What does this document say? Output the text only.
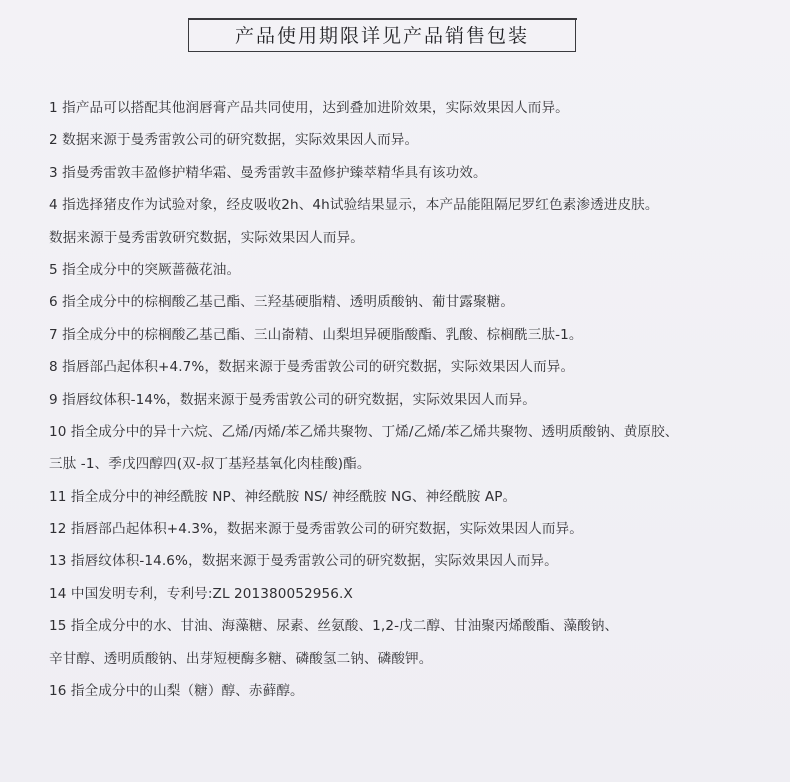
产品使用期限详见产品销售包装
1 指产品可以搭配其他润唇膏产品共同使用，达到叠加进阶效果，实际效果因人而异。
2 数据来源于曼秀雷敦公司的研究数据，实际效果因人而异。
3 指曼秀雷敦丰盈修护精华霜、曼秀雷敦丰盈修护臻萃精华具有该功效。
4 指选择猪皮作为试验对象，经皮吸收2h、4h试验结果显示，本产品能阻隔尼罗红色素渗透进皮肤。
数据来源于曼秀雷敦研究数据，实际效果因人而异。
5 指全成分中的突厥蔷薇花油。
6 指全成分中的棕榈酸乙基己酯、三羟基硬脂精、透明质酸钠、葡甘露聚糖。
7 指全成分中的棕榈酸乙基己酯、三山嵛精、山梨坦异硬脂酸酯、乳酸、棕榈酰三肽-1。
8 指唇部凸起体积+4.7%，数据来源于曼秀雷敦公司的研究数据，实际效果因人而异。
9 指唇纹体积-14%，数据来源于曼秀雷敦公司的研究数据，实际效果因人而异。
10 指全成分中的异十六烷、乙烯/丙烯/苯乙烯共聚物、丁烯/乙烯/苯乙烯共聚物、透明质酸钠、黄原胶、
三肽 -1、季戊四醇四(双-叔丁基羟基氧化肉桂酸)酯。
11 指全成分中的神经酰胺 NP、神经酰胺 NS/ 神经酰胺 NG、神经酰胺 AP。
12 指唇部凸起体积+4.3%，数据来源于曼秀雷敦公司的研究数据，实际效果因人而异。
13 指唇纹体积-14.6%，数据来源于曼秀雷敦公司的研究数据，实际效果因人而异。
14 中国发明专利，专利号:ZL 201380052956.X
15 指全成分中的水、甘油、海藻糖、尿素、丝氨酸、1,2-戊二醇、甘油聚丙烯酸酯、藻酸钠、
辛甘醇、透明质酸钠、出芽短梗酶多糖、磷酸氢二钠、磷酸钾。
16 指全成分中的山梨（糖）醇、赤藓醇。
